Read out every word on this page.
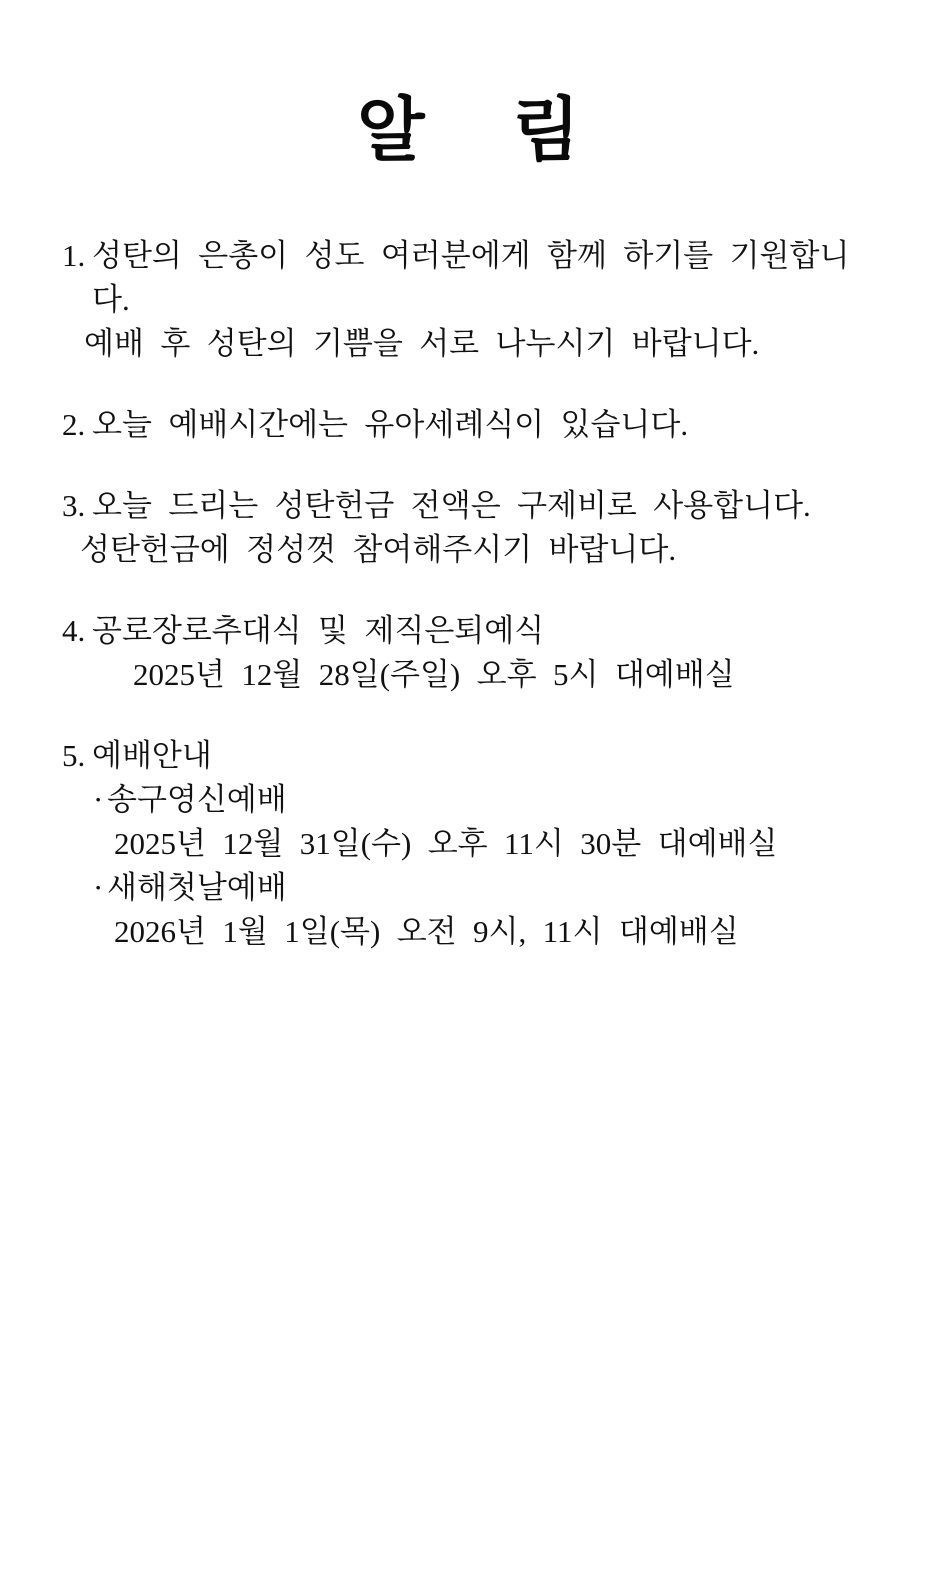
알    림
1. 성탄의 은총이 성도 여러분에게 함께 하기를 기원합니다.
예배 후 성탄의 기쁨을 서로 나누시기 바랍니다.
2. 오늘 예배시간에는 유아세례식이 있습니다.
3. 오늘 드리는 성탄헌금 전액은 구제비로 사용합니다.
성탄헌금에 정성껏 참여해주시기 바랍니다.
4. 공로장로추대식 및 제직은퇴예식
2025년 12월 28일(주일) 오후 5시 대예배실
5. 예배안내
· 송구영신예배
2025년 12월 31일(수) 오후 11시 30분 대예배실
· 새해첫날예배
2026년 1월 1일(목) 오전 9시, 11시 대예배실
